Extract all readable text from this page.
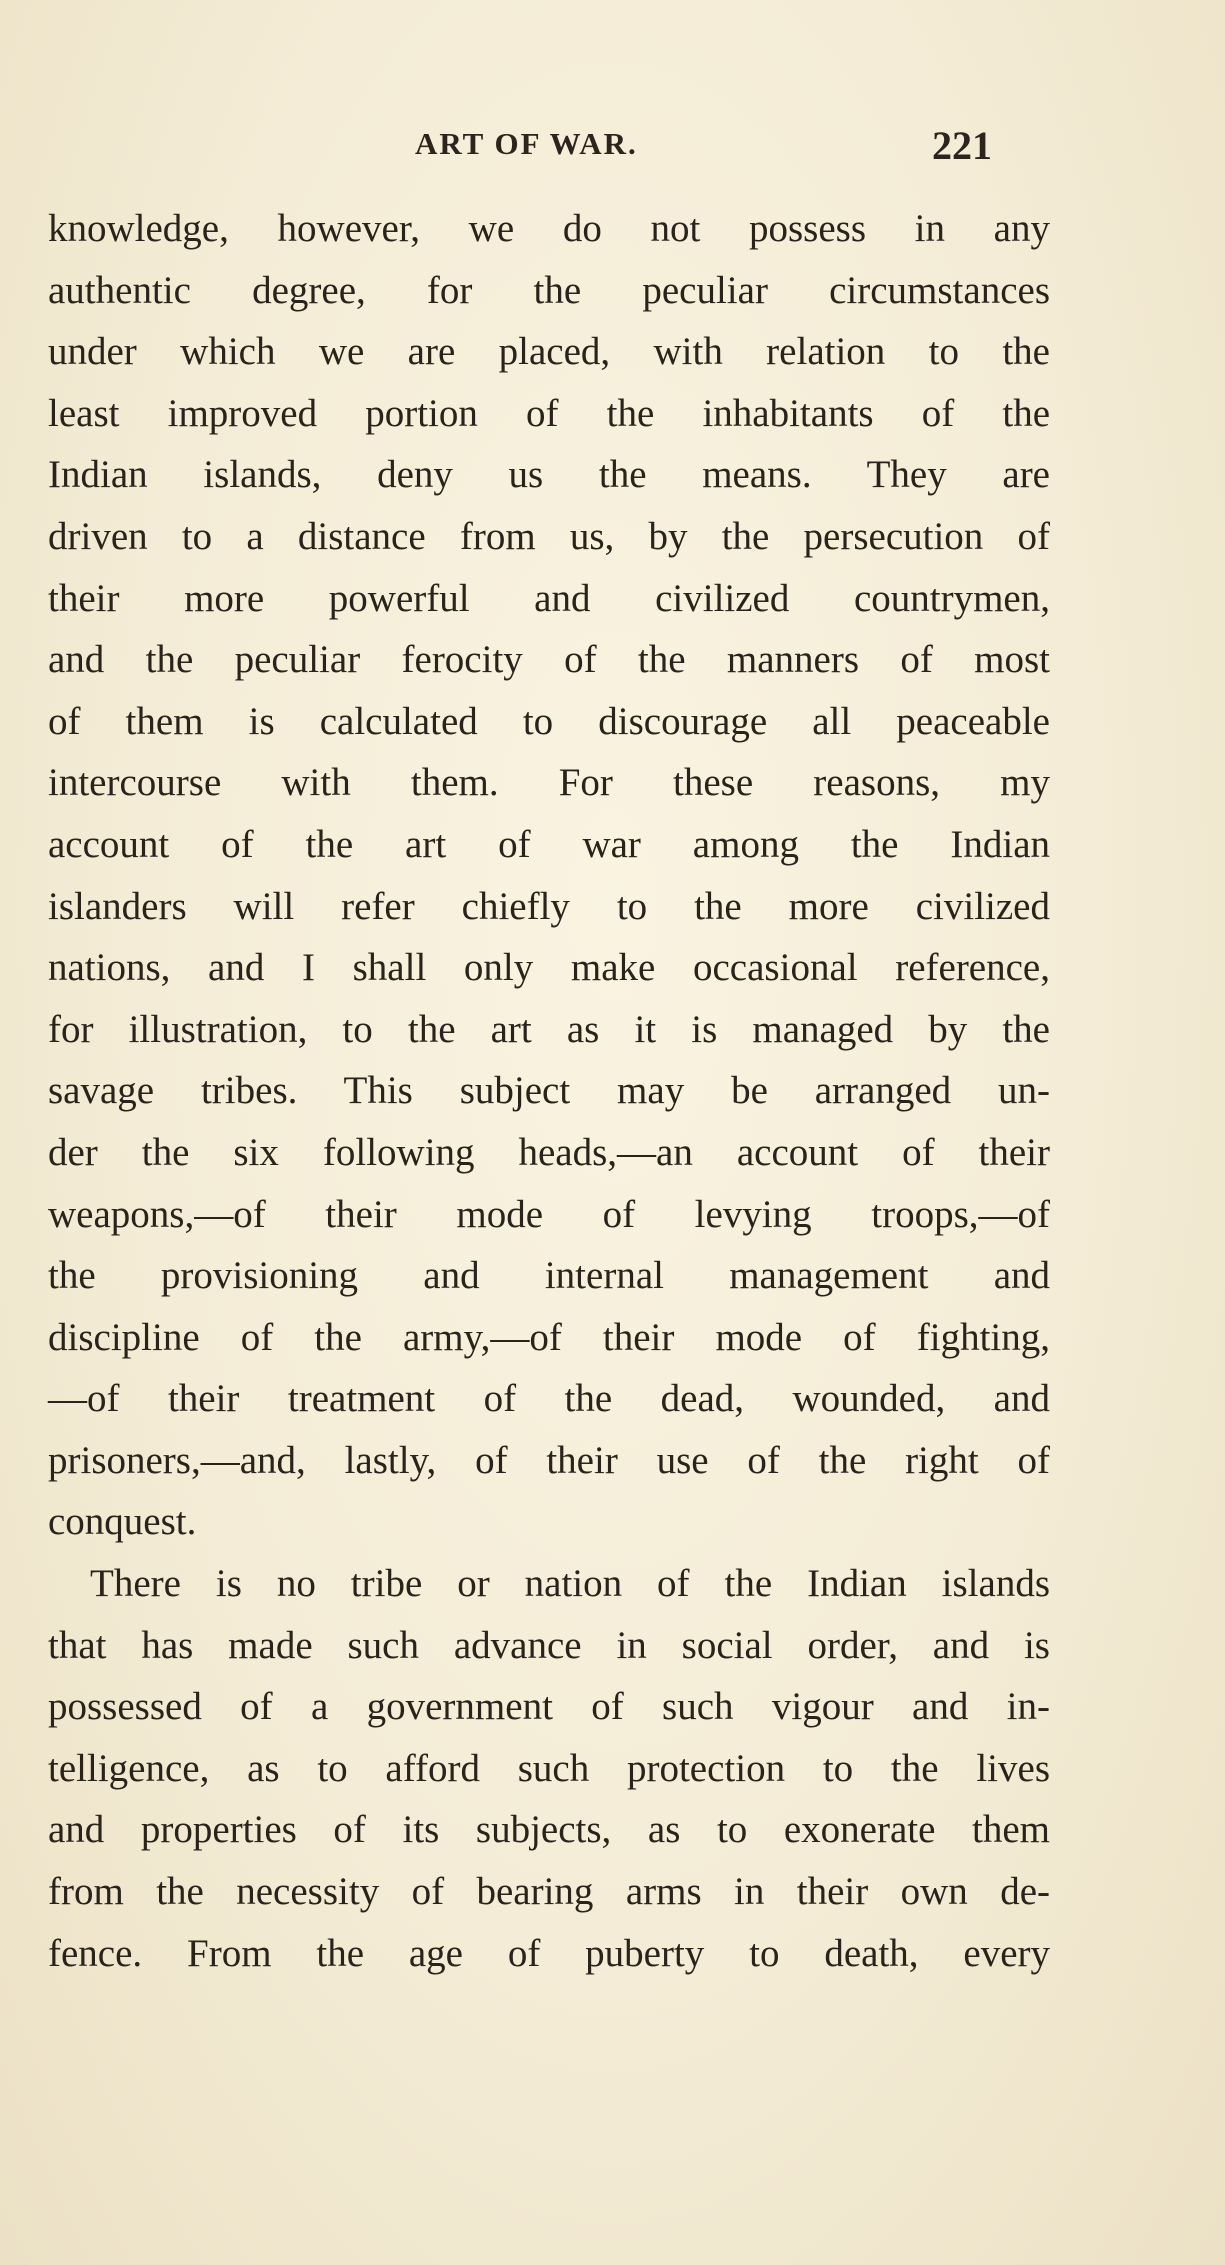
ART OF WAR.	221
knowledge, however, we do not possess in any
authentic degree, for the peculiar circumstances
under which we are placed, with relation to the
least improved portion of the inhabitants of the
Indian islands, deny us the means. They are
driven to a distance from us, by the persecution of
their more powerful and civilized countrymen,
and the peculiar ferocity of the manners of most
of them is calculated to discourage all peaceable
intercourse with them. For these reasons, my
account of the art of war among the Indian
islanders will refer chiefly to the more civilized
nations, and I shall only make occasional reference,
for illustration, to the art as it is managed by the
savage tribes. This subject may be arranged un-
der the six following heads,—an account of their
weapons,—of their mode of levying troops,—of
the provisioning and internal management and
discipline of the army,—of their mode of fighting,
—of their treatment of the dead, wounded, and
prisoners,—and, lastly, of their use of the right of
conquest.
There is no tribe or nation of the Indian islands
that has made such advance in social order, and is
possessed of a government of such vigour and in-
telligence, as to afford such protection to the lives
and properties of its subjects, as to exonerate them
from the necessity of bearing arms in their own de-
fence. From the age of puberty to death, every
